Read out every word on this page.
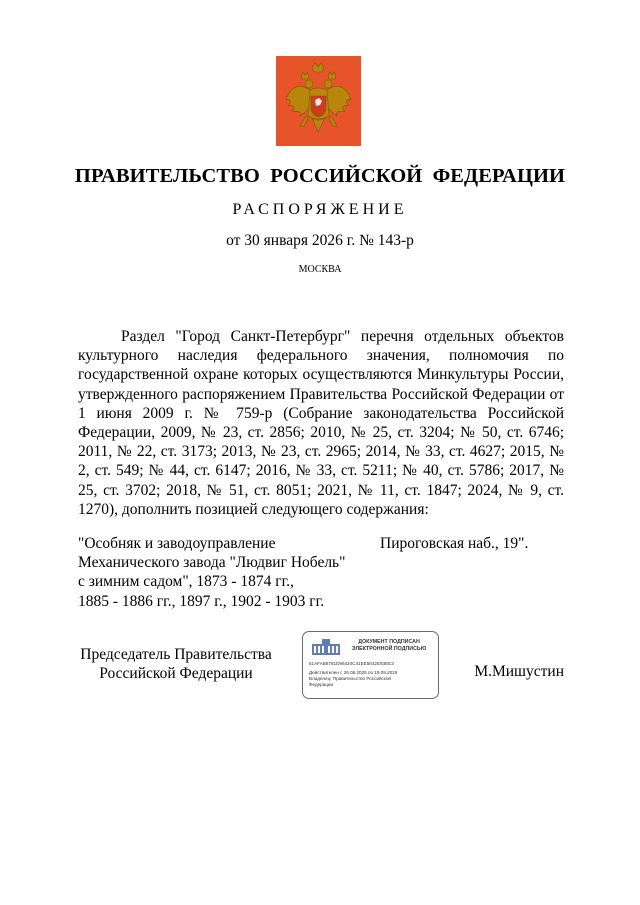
ПРАВИТЕЛЬСТВО РОССИЙСКОЙ ФЕДЕРАЦИИ
РАСПОРЯЖЕНИЕ
от 30 января 2026 г. № 143-р
МОСКВА

Раздел "Город Санкт-Петербург" перечня отдельных объектов культурного наследия федерального значения, полномочия по государственной охране которых осуществляются Минкультуры России, утвержденного распоряжением Правительства Российской Федерации от 1 июня 2009 г. № 759-р (Собрание законодательства Российской Федерации, 2009, № 23, ст. 2856; 2010, № 25, ст. 3204; № 50, ст. 6746; 2011, № 22, ст. 3173; 2013, № 23, ст. 2965; 2014, № 33, ст. 4627; 2015, № 2, ст. 549; № 44, ст. 6147; 2016, № 33, ст. 5211; № 40, ст. 5786; 2017, № 25, ст. 3702; 2018, № 51, ст. 8051; 2021, № 11, ст. 1847; 2024, № 9, ст. 1270), дополнить позицией следующего содержания:

"Особняк и заводоуправление
Механического завода "Людвиг Нобель"
с зимним садом", 1873 - 1874 гг.,
1885 - 1886 гг., 1897 г., 1902 - 1903 гг.
Пироговская наб., 19".
Председатель Правительства
Российской Федерации
ДОКУМЕНТ ПОДПИСАН
ЭЛЕКТРОННОЙ ПОДПИСЬЮ
51AFAB8781D96420C41EE5042E93EE3
Действителен с 26.06.2025 по 19.09.2026
Владелец: Правительство Российской
Федерации
М.Мишустин
